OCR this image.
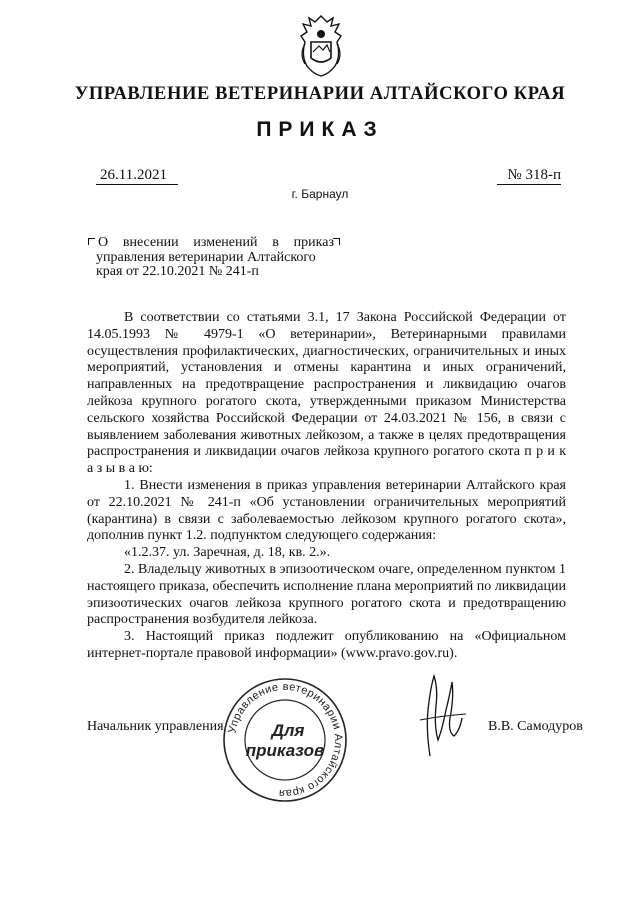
УПРАВЛЕНИЕ ВЕТЕРИНАРИИ АЛТАЙСКОГО КРАЯ
ПРИКАЗ
26.11.2021	№ 318-п
г. Барнаул
О внесении изменений в приказ
управления ветеринарии Алтайского
края от 22.10.2021 № 241-п

В соответствии со статьями 3.1, 17 Закона Российской Федерации от 14.05.1993 № 4979-1 «О ветеринарии», Ветеринарными правилами осуществления профилактических, диагностических, ограничительных и иных мероприятий, установления и отмены карантина и иных ограничений, направленных на предотвращение распространения и ликвидацию очагов лейкоза крупного рогатого скота, утвержденными приказом Министерства сельского хозяйства Российской Федерации от 24.03.2021 № 156, в связи с выявлением заболевания животных лейкозом, а также в целях предотвращения распространения и ликвидации очагов лейкоза крупного рогатого скота п р и к а з ы в а ю:

1. Внести изменения в приказ управления ветеринарии Алтайского края от 22.10.2021 № 241-п «Об установлении ограничительных мероприятий (карантина) в связи с заболеваемостью лейкозом крупного рогатого скота», дополнив пункт 1.2. подпунктом следующего содержания:

«1.2.37. ул. Заречная, д. 18, кв. 2.».

2. Владельцу животных в эпизоотическом очаге, определенном пунктом 1 настоящего приказа, обеспечить исполнение плана мероприятий по ликвидации эпизоотических очагов лейкоза крупного рогатого скота и предотвращению распространения возбудителя лейкоза.

3. Настоящий приказ подлежит опубликованию на «Официальном интернет-портале правовой информации» (www.pravo.gov.ru).

Управление ветеринарии Алтайского края
Для
приказов
Начальник управления	В.В. Самодуров
